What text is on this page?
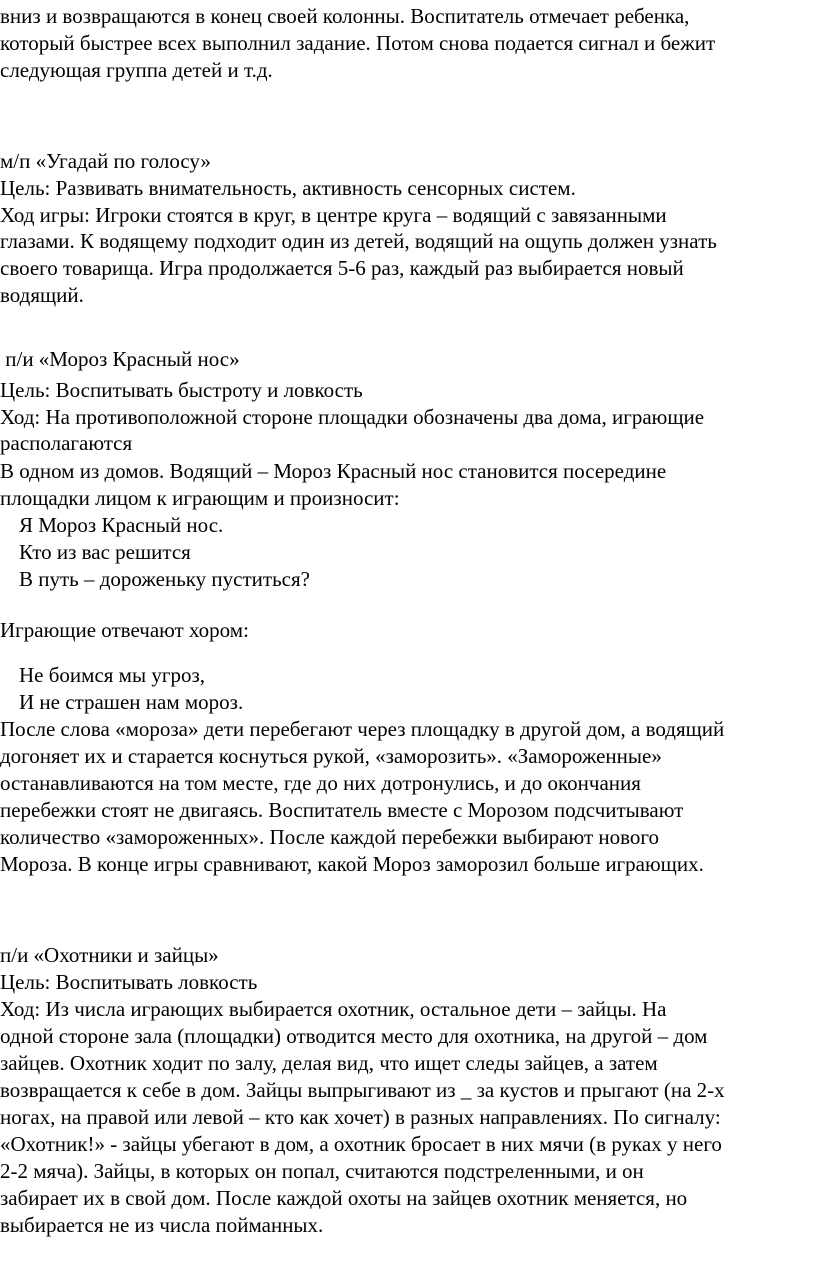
вниз и возвращаются в конец своей колонны. Воспитатель отмечает ребенка,
который быстрее всех выполнил задание. Потом снова подается сигнал и бежит
следующая группа детей и т.д.
м/п «Угадай по голосу»
Цель: Развивать внимательность, активность сенсорных систем.
Ход игры: Игроки стоятся в круг, в центре круга – водящий с завязанными
глазами. К водящему подходит один из детей, водящий на ощупь должен узнать
своего товарища. Игра продолжается 5-6 раз, каждый раз выбирается новый
водящий.
п/и «Мороз Красный нос»
Цель: Воспитывать быстроту и ловкость
Ход: На противоположной стороне площадки обозначены два дома, играющие
располагаются
В одном из домов. Водящий – Мороз Красный нос становится посередине
площадки лицом к играющим и произносит:
Я Мороз Красный нос.
Кто из вас решится
В путь – дороженьку пуститься?
Играющие отвечают хором:
Не боимся мы угроз,
И не страшен нам мороз.
После слова «мороза» дети перебегают через площадку в другой дом, а водящий
догоняет их и старается коснуться рукой, «заморозить». «Замороженные»
останавливаются на том месте, где до них дотронулись, и до окончания
перебежки стоят не двигаясь. Воспитатель вместе с Морозом подсчитывают
количество «замороженных». После каждой перебежки выбирают нового
Мороза. В конце игры сравнивают, какой Мороз заморозил больше играющих.
п/и «Охотники и зайцы»
Цель: Воспитывать ловкость
Ход: Из числа играющих выбирается охотник, остальное дети – зайцы. На
одной стороне зала (площадки) отводится место для охотника, на другой – дом
зайцев. Охотник ходит по залу, делая вид, что ищет следы зайцев, а затем
возвращается к себе в дом. Зайцы выпрыгивают из _ за кустов и прыгают (на 2-х
ногах, на правой или левой – кто как хочет) в разных направлениях. По сигналу:
«Охотник!» - зайцы убегают в дом, а охотник бросает в них мячи (в руках у него
2-2 мяча). Зайцы, в которых он попал, считаются подстреленными, и он
забирает их в свой дом. После каждой охоты на зайцев охотник меняется, но
выбирается не из числа пойманных.
